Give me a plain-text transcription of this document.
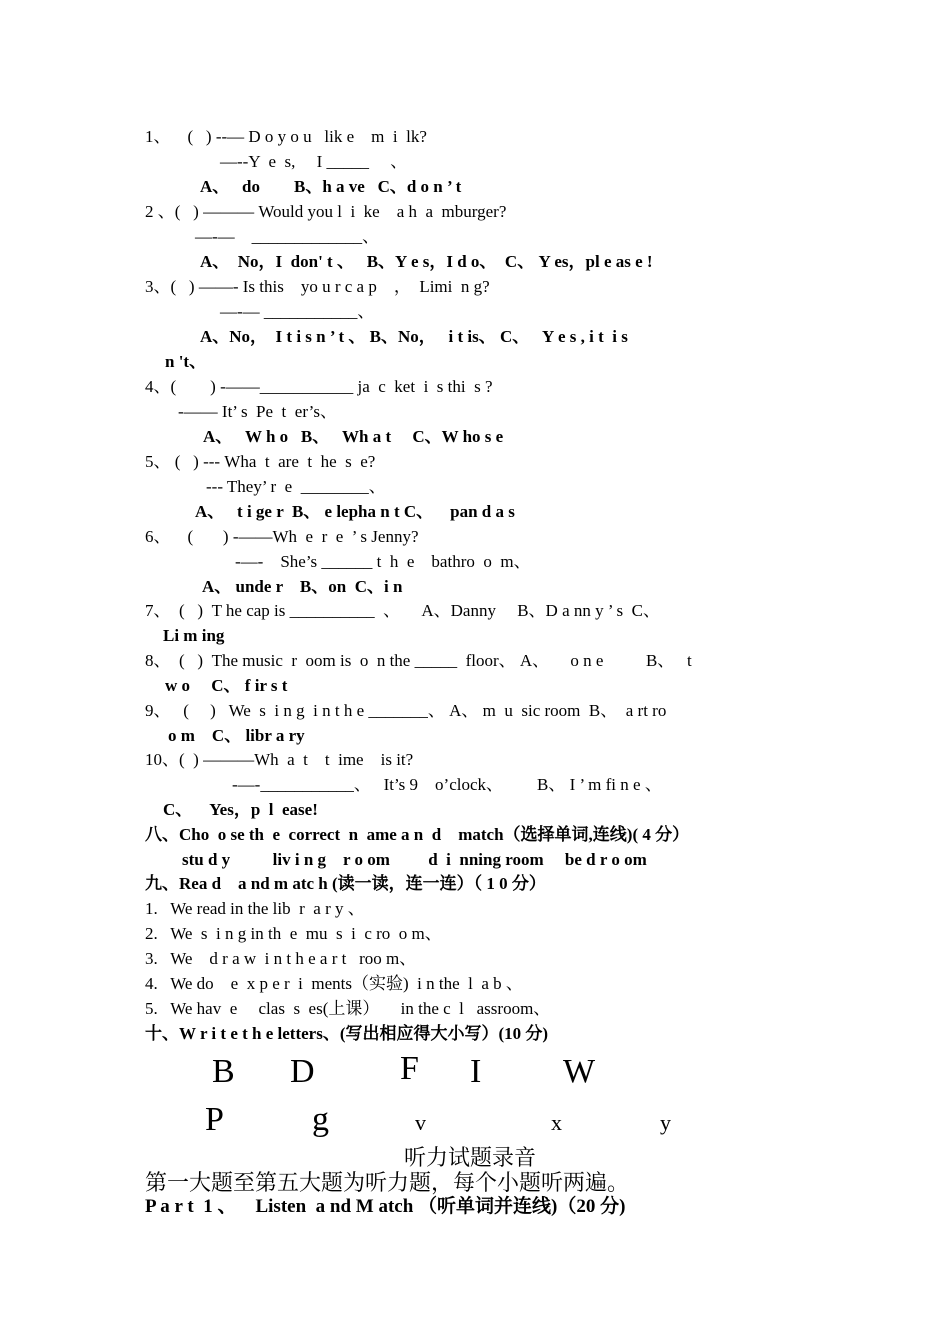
1、    (   ) --— D o y o u   lik e    m  i  lk?
—--Y  e  s,     I _____     、
A、   do        B、h a ve   C、d o n ’ t
2 、(   ) ——— Would you l  i  ke    a h  a  mburger?
—-—    _____________、
A、  No，I  don' t 、   B、Y e s，I d o、  C、 Y es，pl e as e !
3、(   ) ——- Is this    yo u r c a p    ，  Limi  n g?
—-— ___________、
A、No，  I t i s n ’ t 、 B、No，   i t is、 C、   Y e s , i t  i s
n 't、
4、(        ) -——___________ ja  c  ket  i  s thi  s ?
-—— It’ s  Pe  t  er’s、
A、   W h o   B、   Wh a t     C、W ho s e
5、 (   ) --- Wha  t  are  t  he  s  e?
--- They’ r  e  ________、
A、   t i ge r  B、 e lepha n t C、    pan d a s
6、    (       ) -——Wh  e  r  e  ’ s Jenny?
-—-    She’s ______ t  h  e    bathro  o  m、
A、 unde r    B、on  C、i n
7、  (   )  T he cap is __________  、     A、Danny     B、D a nn y ’ s  C、
Li m ing
8、  (   )  The music  r  oom is  o  n the _____  floor、 A、     o n e          B、   t
w o     C、 f ir s t
9、   (     )   We  s  i n g  i n t h e _______、 A、 m  u  sic room  B、  a rt ro
o m    C、 libr a ry
10、(  ) ———Wh  a  t    t  ime    is it?
-—-___________、   It’s 9    o’clock、        B、 I ’ m fi n e 、
C、    Yes，p  l  ease!
八、Cho  o se th  e  correct  n  ame a n  d    match（选择单词,连线)( 4 分）
stu d y          liv i n g    r o om         d  i  nning room     be d r o om
九、Rea d    a nd m atc h (读一读，连一连）（ 1 0 分）
1.   We read in the lib  r  a r y 、
2.   We  s  i n g in th  e  mu  s  i  c ro  o m、
3.   We    d r a w  i n t h e a r t   roo m、
4.   We do    e  x p e r  i  ments（实验)  i n the  l  a b 、
5.   We hav  e     clas  s  es(上课）     in the c  l   assroom、
十、W r i t e t h e letters、(写出相应得大小写）(10 分)
B D	F I W
P	g	v	x	y
听力试题录音
第一大题至第五大题为听力题，每个小题听两遍。
P a r t  1 、    Listen  a nd M atch （听单词并连线)（20 分)
